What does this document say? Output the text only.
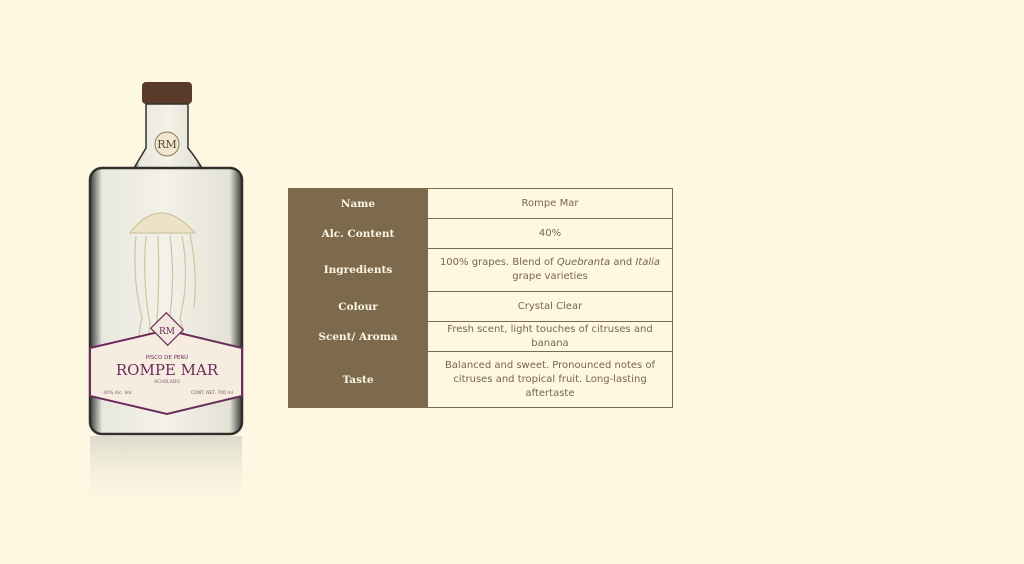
RM
RM
PISCO DE PERÚ
ROMPE MAR
ACHOLADO
40% Alc. Vol.	CONT. NET. 700 ml
Name	Rompe Mar
Alc. Content	40%
Ingredients	100% grapes. Blend of Quebranta and Italia grape varieties
Colour	Crystal Clear
Scent/ Aroma	Fresh scent, light touches of citruses and banana
Taste	Balanced and sweet. Pronounced notes of citruses and tropical fruit. Long-lasting aftertaste
